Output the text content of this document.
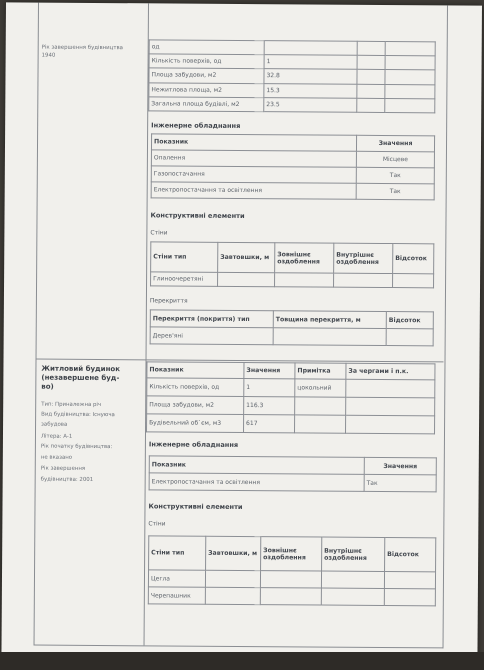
Рік завершення будівництва
1940
од			
Кількість поверхів, од	1		
Площа забудови, м2	32.8		
Нежитлова площа, м2	15.3		
Загальна площа будівлі, м2	23.5		
Інженерне обладнання
Показник	Значення
Опалення	Місцеве
Газопостачання	Так
Електропостачання та освітлення	Так
Конструктивні елементи
Стіни
Стіни тип	Завтовшки, м	Зовнішнє оздоблення	Внутрішнє оздоблення	Відсоток
Глиноочеретяні				
Перекриття
Перекриття (покриття) тип	Товщина перекриття, м	Відсоток
Дерев'яні		
Житловий будинок
(незавершене буд-
во)
Тип: Приналежна річ
Вид будівництва: Існуюча
забудова
Літера: А-1
Рік початку будівництва:
не вказано
Рік завершення
будівництва: 2001
Показник	Значення	Примітка	За чергами і п.к.
Кількість поверхів, од	1	цокольний	
Площа забудови, м2	116.3		
Будівельний об`єм, м3	617		
Інженерне обладнання
Показник	Значення
Електропостачання та освітлення	Так
Конструктивні елементи
Стіни
Стіни тип	Завтовшки, м	Зовнішнє оздоблення	Внутрішнє оздоблення	Відсоток
Цегла				
Черепашник				
